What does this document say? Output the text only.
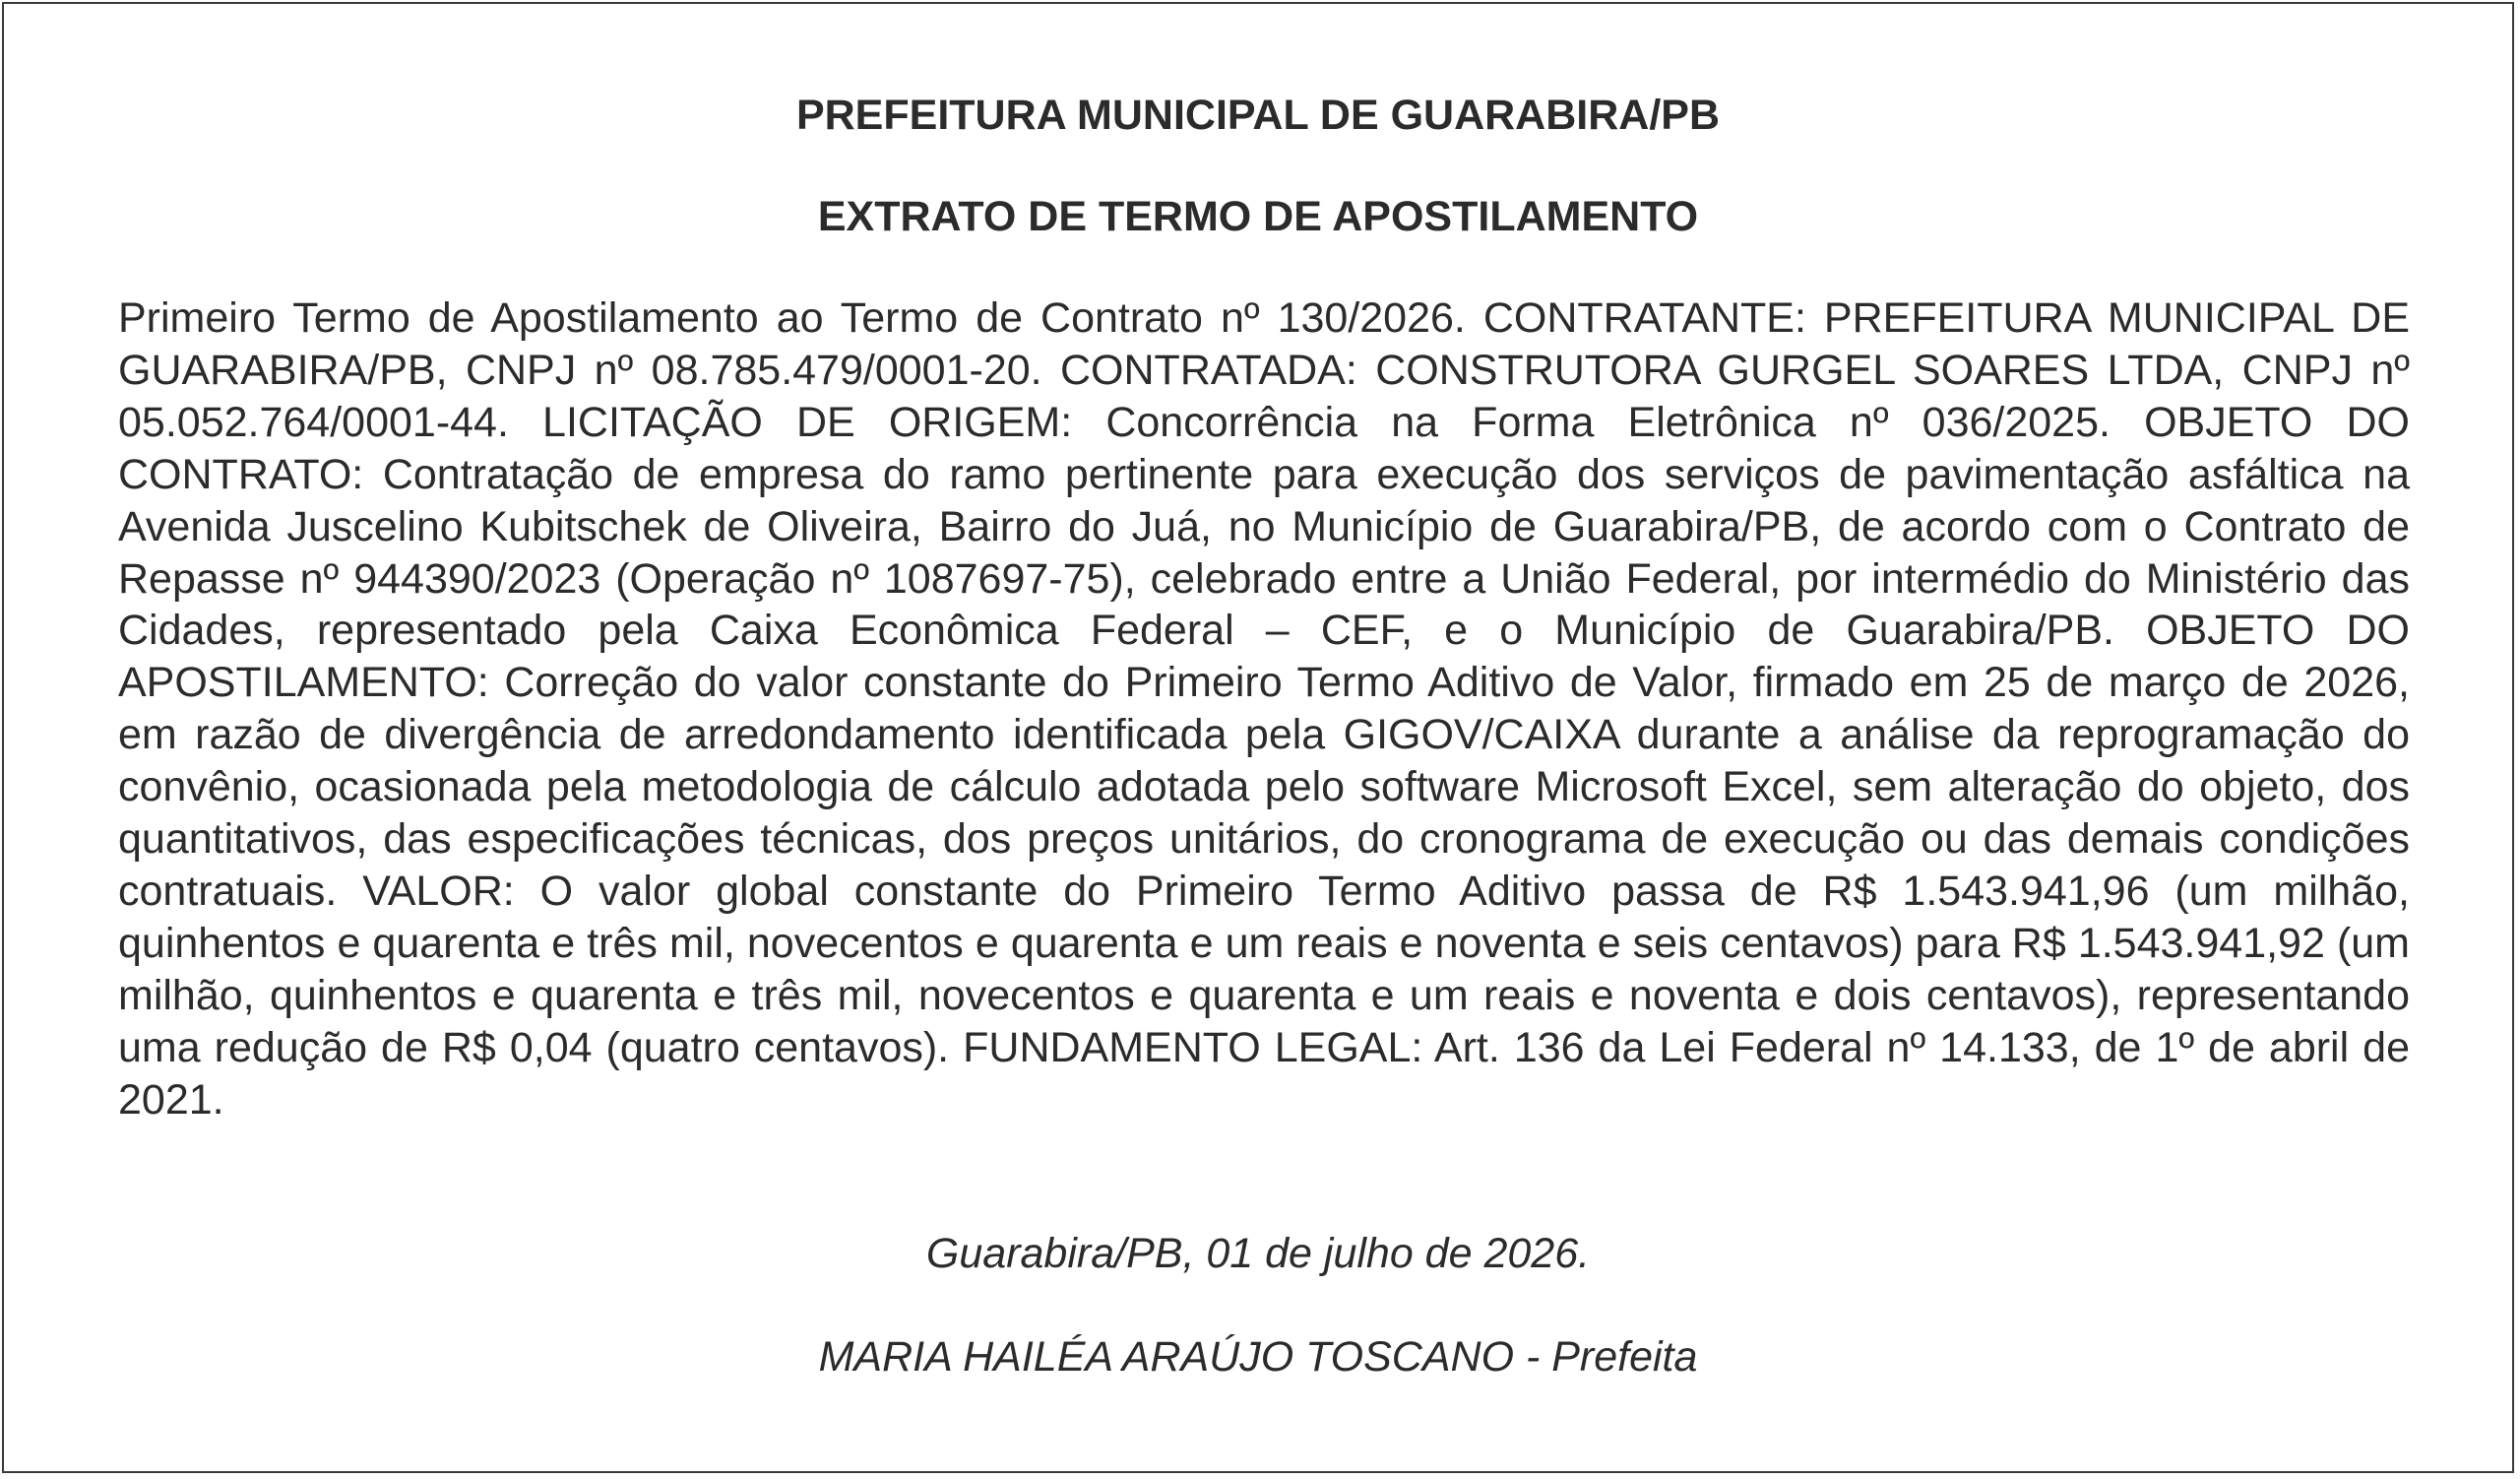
PREFEITURA MUNICIPAL DE GUARABIRA/PB
EXTRATO DE TERMO DE APOSTILAMENTO

Primeiro Termo de Apostilamento ao Termo de Contrato nº 130/2026. CONTRATANTE: PREFEITURA MUNICIPAL DE GUARABIRA/PB, CNPJ nº 08.785.479/0001-20. CONTRATADA: CONSTRUTORA GURGEL SOARES LTDA, CNPJ nº 05.052.764/0001-44. LICITAÇÃO DE ORIGEM: Concorrência na Forma Eletrônica nº 036/2025. OBJETO DO CONTRATO: Contratação de empresa do ramo pertinente para execução dos serviços de pavimentação asfáltica na Avenida Juscelino Kubitschek de Oliveira, Bairro do Juá, no Município de Guarabira/PB, de acordo com o Contrato de Repasse nº 944390/2023 (Operação nº 1087697-75), celebrado entre a União Federal, por intermédio do Ministério das Cidades, representado pela Caixa Econômica Federal – CEF, e o Município de Guarabira/PB. OBJETO DO APOSTILAMENTO: Correção do valor constante do Primeiro Termo Aditivo de Valor, firmado em 25 de março de 2026, em razão de divergência de arredondamento identificada pela GIGOV/CAIXA durante a análise da reprogramação do convênio, ocasionada pela metodologia de cálculo adotada pelo software Microsoft Excel, sem alteração do objeto, dos quantitativos, das especificações técnicas, dos preços unitários, do cronograma de execução ou das demais condições contratuais. VALOR: O valor global constante do Primeiro Termo Aditivo passa de R$ 1.543.941,96 (um milhão, quinhentos e quarenta e três mil, novecentos e quarenta e um reais e noventa e seis centavos) para R$ 1.543.941,92 (um milhão, quinhentos e quarenta e três mil, novecentos e quarenta e um reais e noventa e dois centavos), representando uma redução de R$ 0,04 (quatro centavos). FUNDAMENTO LEGAL: Art. 136 da Lei Federal nº 14.133, de 1º de abril de 2021.

Guarabira/PB, 01 de julho de 2026.
MARIA HAILÉA ARAÚJO TOSCANO - Prefeita
